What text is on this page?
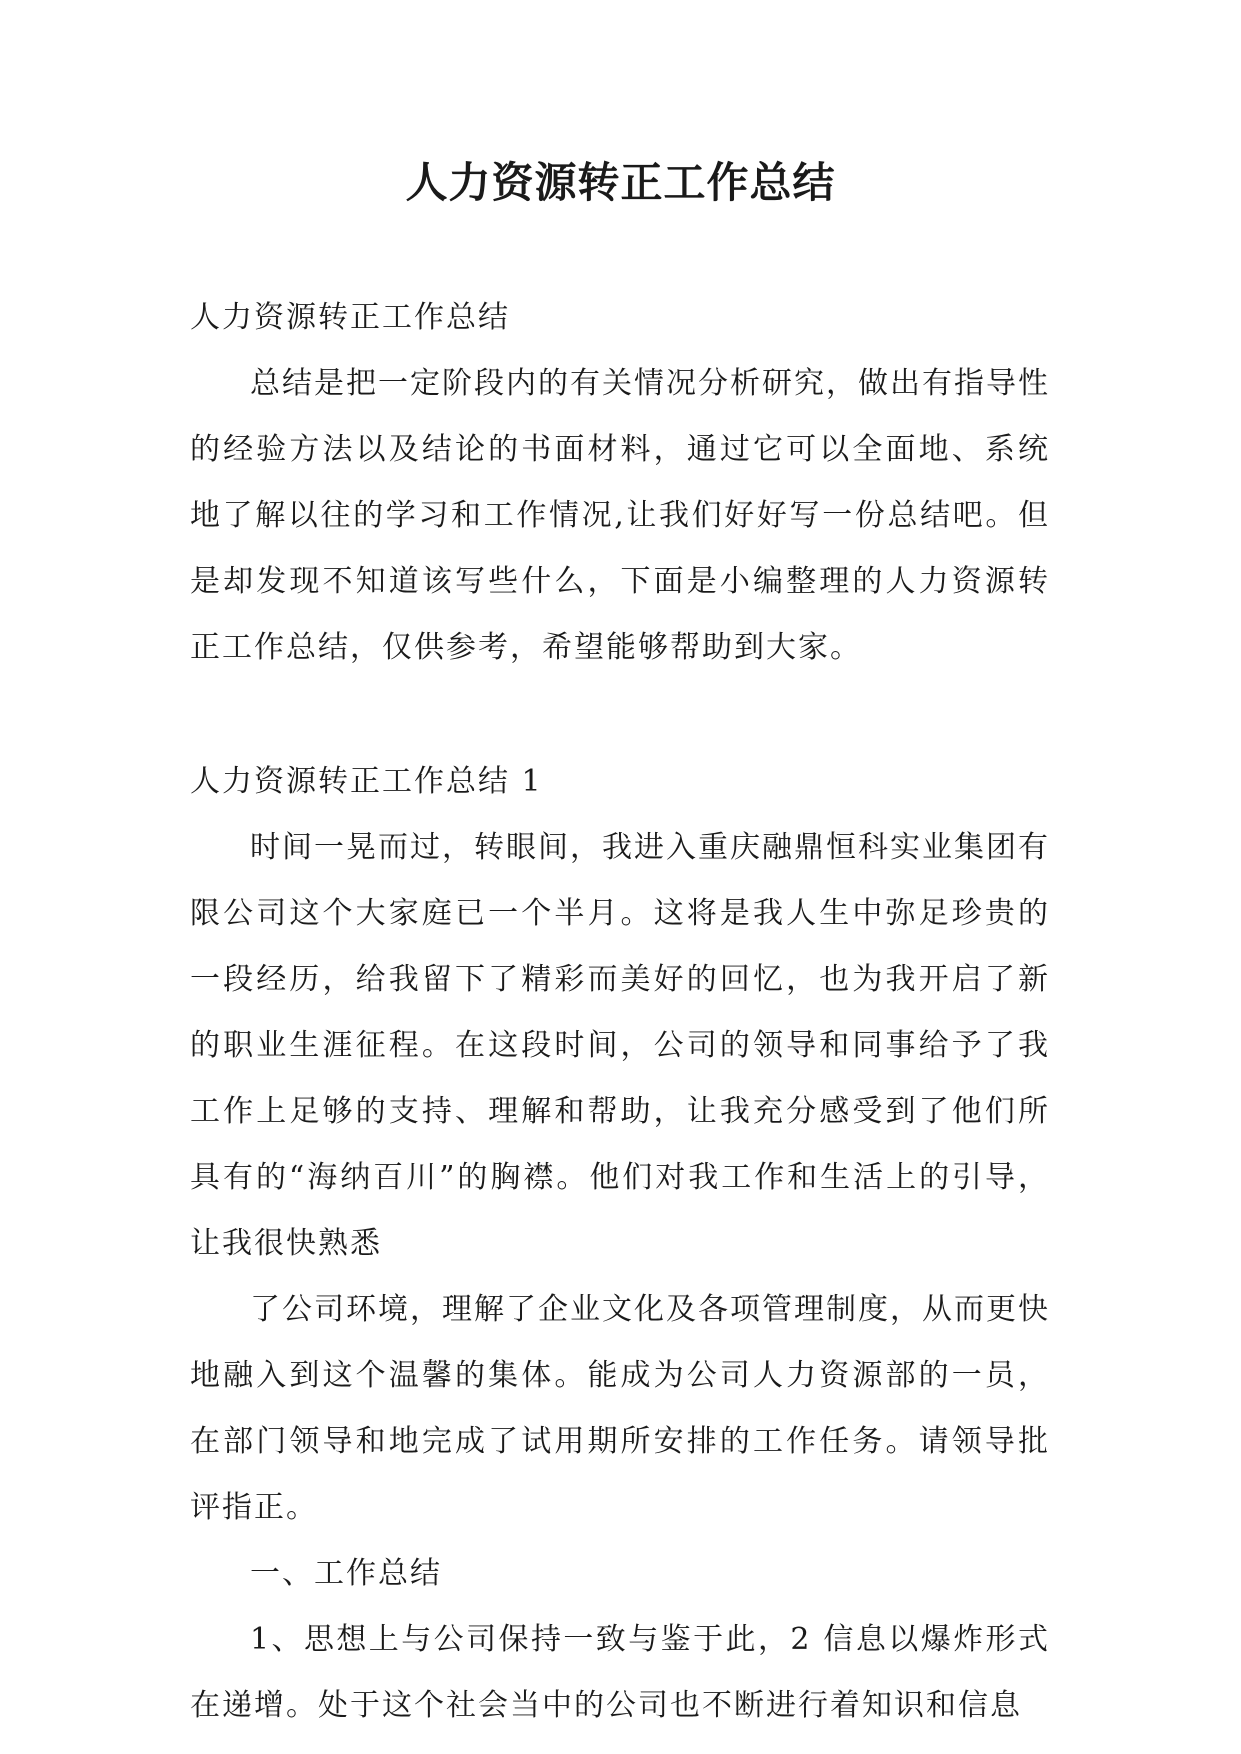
人力资源转正工作总结

人力资源转正工作总结

总结是把一定阶段内的有关情况分析研究，做出有指导性的经验方法以及结论的书面材料，通过它可以全面地、系统地了解以往的学习和工作情况,让我们好好写一份总结吧。但是却发现不知道该写些什么，下面是小编整理的人力资源转正工作总结，仅供参考，希望能够帮助到大家。

人力资源转正工作总结 1

时间一晃而过，转眼间，我进入重庆融鼎恒科实业集团有限公司这个大家庭已一个半月。这将是我人生中弥足珍贵的一段经历，给我留下了精彩而美好的回忆，也为我开启了新的职业生涯征程。在这段时间，公司的领导和同事给予了我工作上足够的支持、理解和帮助，让我充分感受到了他们所具有的“海纳百川”的胸襟。他们对我工作和生活上的引导，让我很快熟悉

了公司环境，理解了企业文化及各项管理制度，从而更快地融入到这个温馨的集体。能成为公司人力资源部的一员，在部门领导和地完成了试用期所安排的工作任务。请领导批评指正。

一、工作总结

1、思想上与公司保持一致与鉴于此，2 信息以爆炸形式在递增。处于这个社会当中的公司也不断进行着知识和信息
